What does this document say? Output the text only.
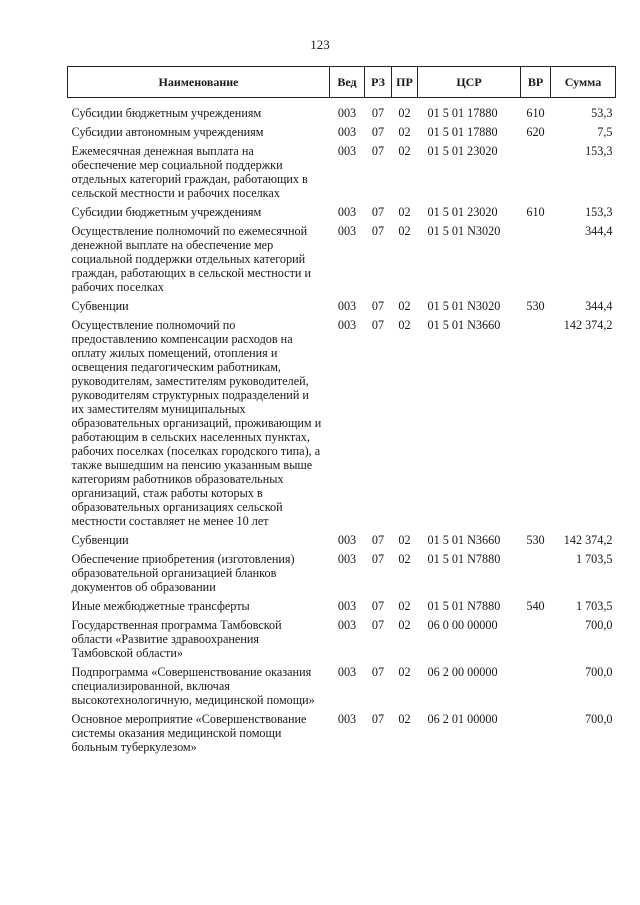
123
Наименование	Вед	РЗ	ПР	ЦСР	ВР	Сумма
Субсидии бюджетным учреждениям	003	07	02	01 5 01 17880	610	53,3
Субсидии автономным учреждениям	003	07	02	01 5 01 17880	620	7,5
Ежемесячная денежная выплата на обеспечение мер социальной поддержки отдельных категорий граждан, работающих в сельской местности и рабочих поселках	003	07	02	01 5 01 23020		153,3
Субсидии бюджетным учреждениям	003	07	02	01 5 01 23020	610	153,3
Осуществление полномочий по ежемесячной денежной выплате на обеспечение мер социальной поддержки отдельных категорий граждан, работающих в сельской местности и рабочих поселках	003	07	02	01 5 01 N3020		344,4
Субвенции	003	07	02	01 5 01 N3020	530	344,4
Осуществление полномочий по предоставлению компенсации расходов на оплату жилых помещений, отопления и освещения педагогическим работникам, руководителям, заместителям руководителей, руководителям структурных подразделений и их заместителям муниципальных образовательных организаций, проживающим и работающим в сельских населенных пунктах, рабочих поселках (поселках городского типа), а также вышедшим на пенсию указанным выше категориям работников образовательных организаций, стаж работы которых в образовательных организациях сельской местности составляет не менее 10 лет	003	07	02	01 5 01 N3660		142 374,2
Субвенции	003	07	02	01 5 01 N3660	530	142 374,2
Обеспечение приобретения (изготовления) образовательной организацией бланков документов об образовании	003	07	02	01 5 01 N7880		1 703,5
Иные межбюджетные трансферты	003	07	02	01 5 01 N7880	540	1 703,5
Государственная программа Тамбовской области «Развитие здравоохранения Тамбовской области»	003	07	02	06 0 00 00000		700,0
Подпрограмма «Совершенствование оказания специализированной, включая высокотехнологичную, медицинской помощи»	003	07	02	06 2 00 00000		700,0
Основное мероприятие «Совершенствование системы оказания медицинской помощи больным туберкулезом»	003	07	02	06 2 01 00000		700,0
